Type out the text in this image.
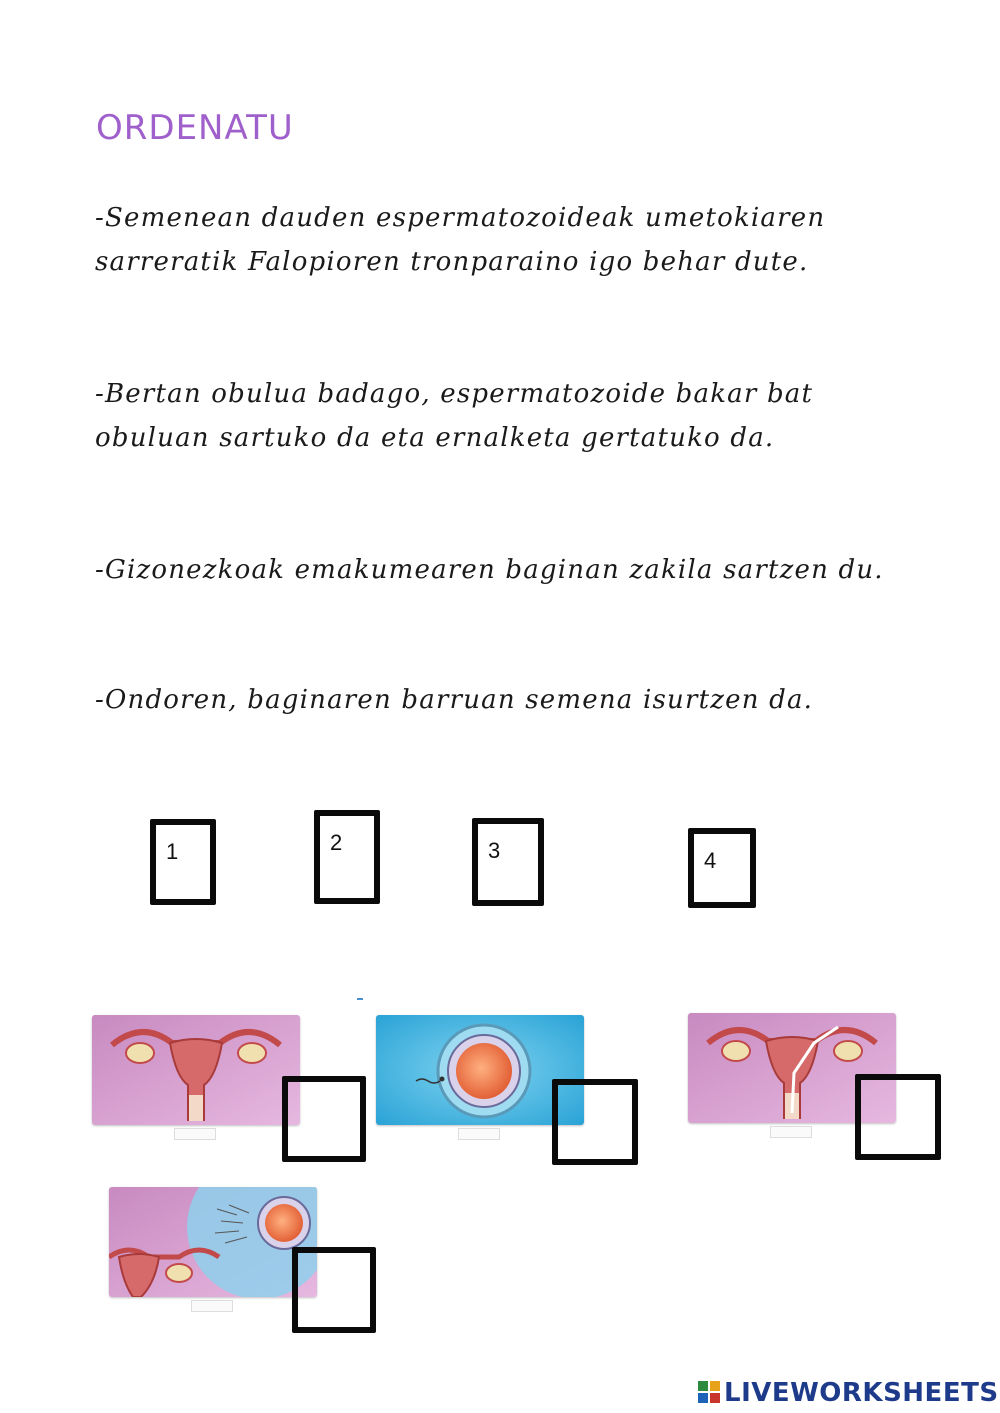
ORDENATU

-Semenean dauden espermatozoideak umetokiaren sarreratik Falopioren tronparaino igo behar dute.

-Bertan obulua badago, espermatozoide bakar bat obuluan sartuko da eta ernalketa gertatuko da.

-Gizonezkoak emakumearen baginan zakila sartzen du.

-Ondoren, baginaren barruan semena isurtzen da.

1	2	3	4
LIVEWORKSHEETS
